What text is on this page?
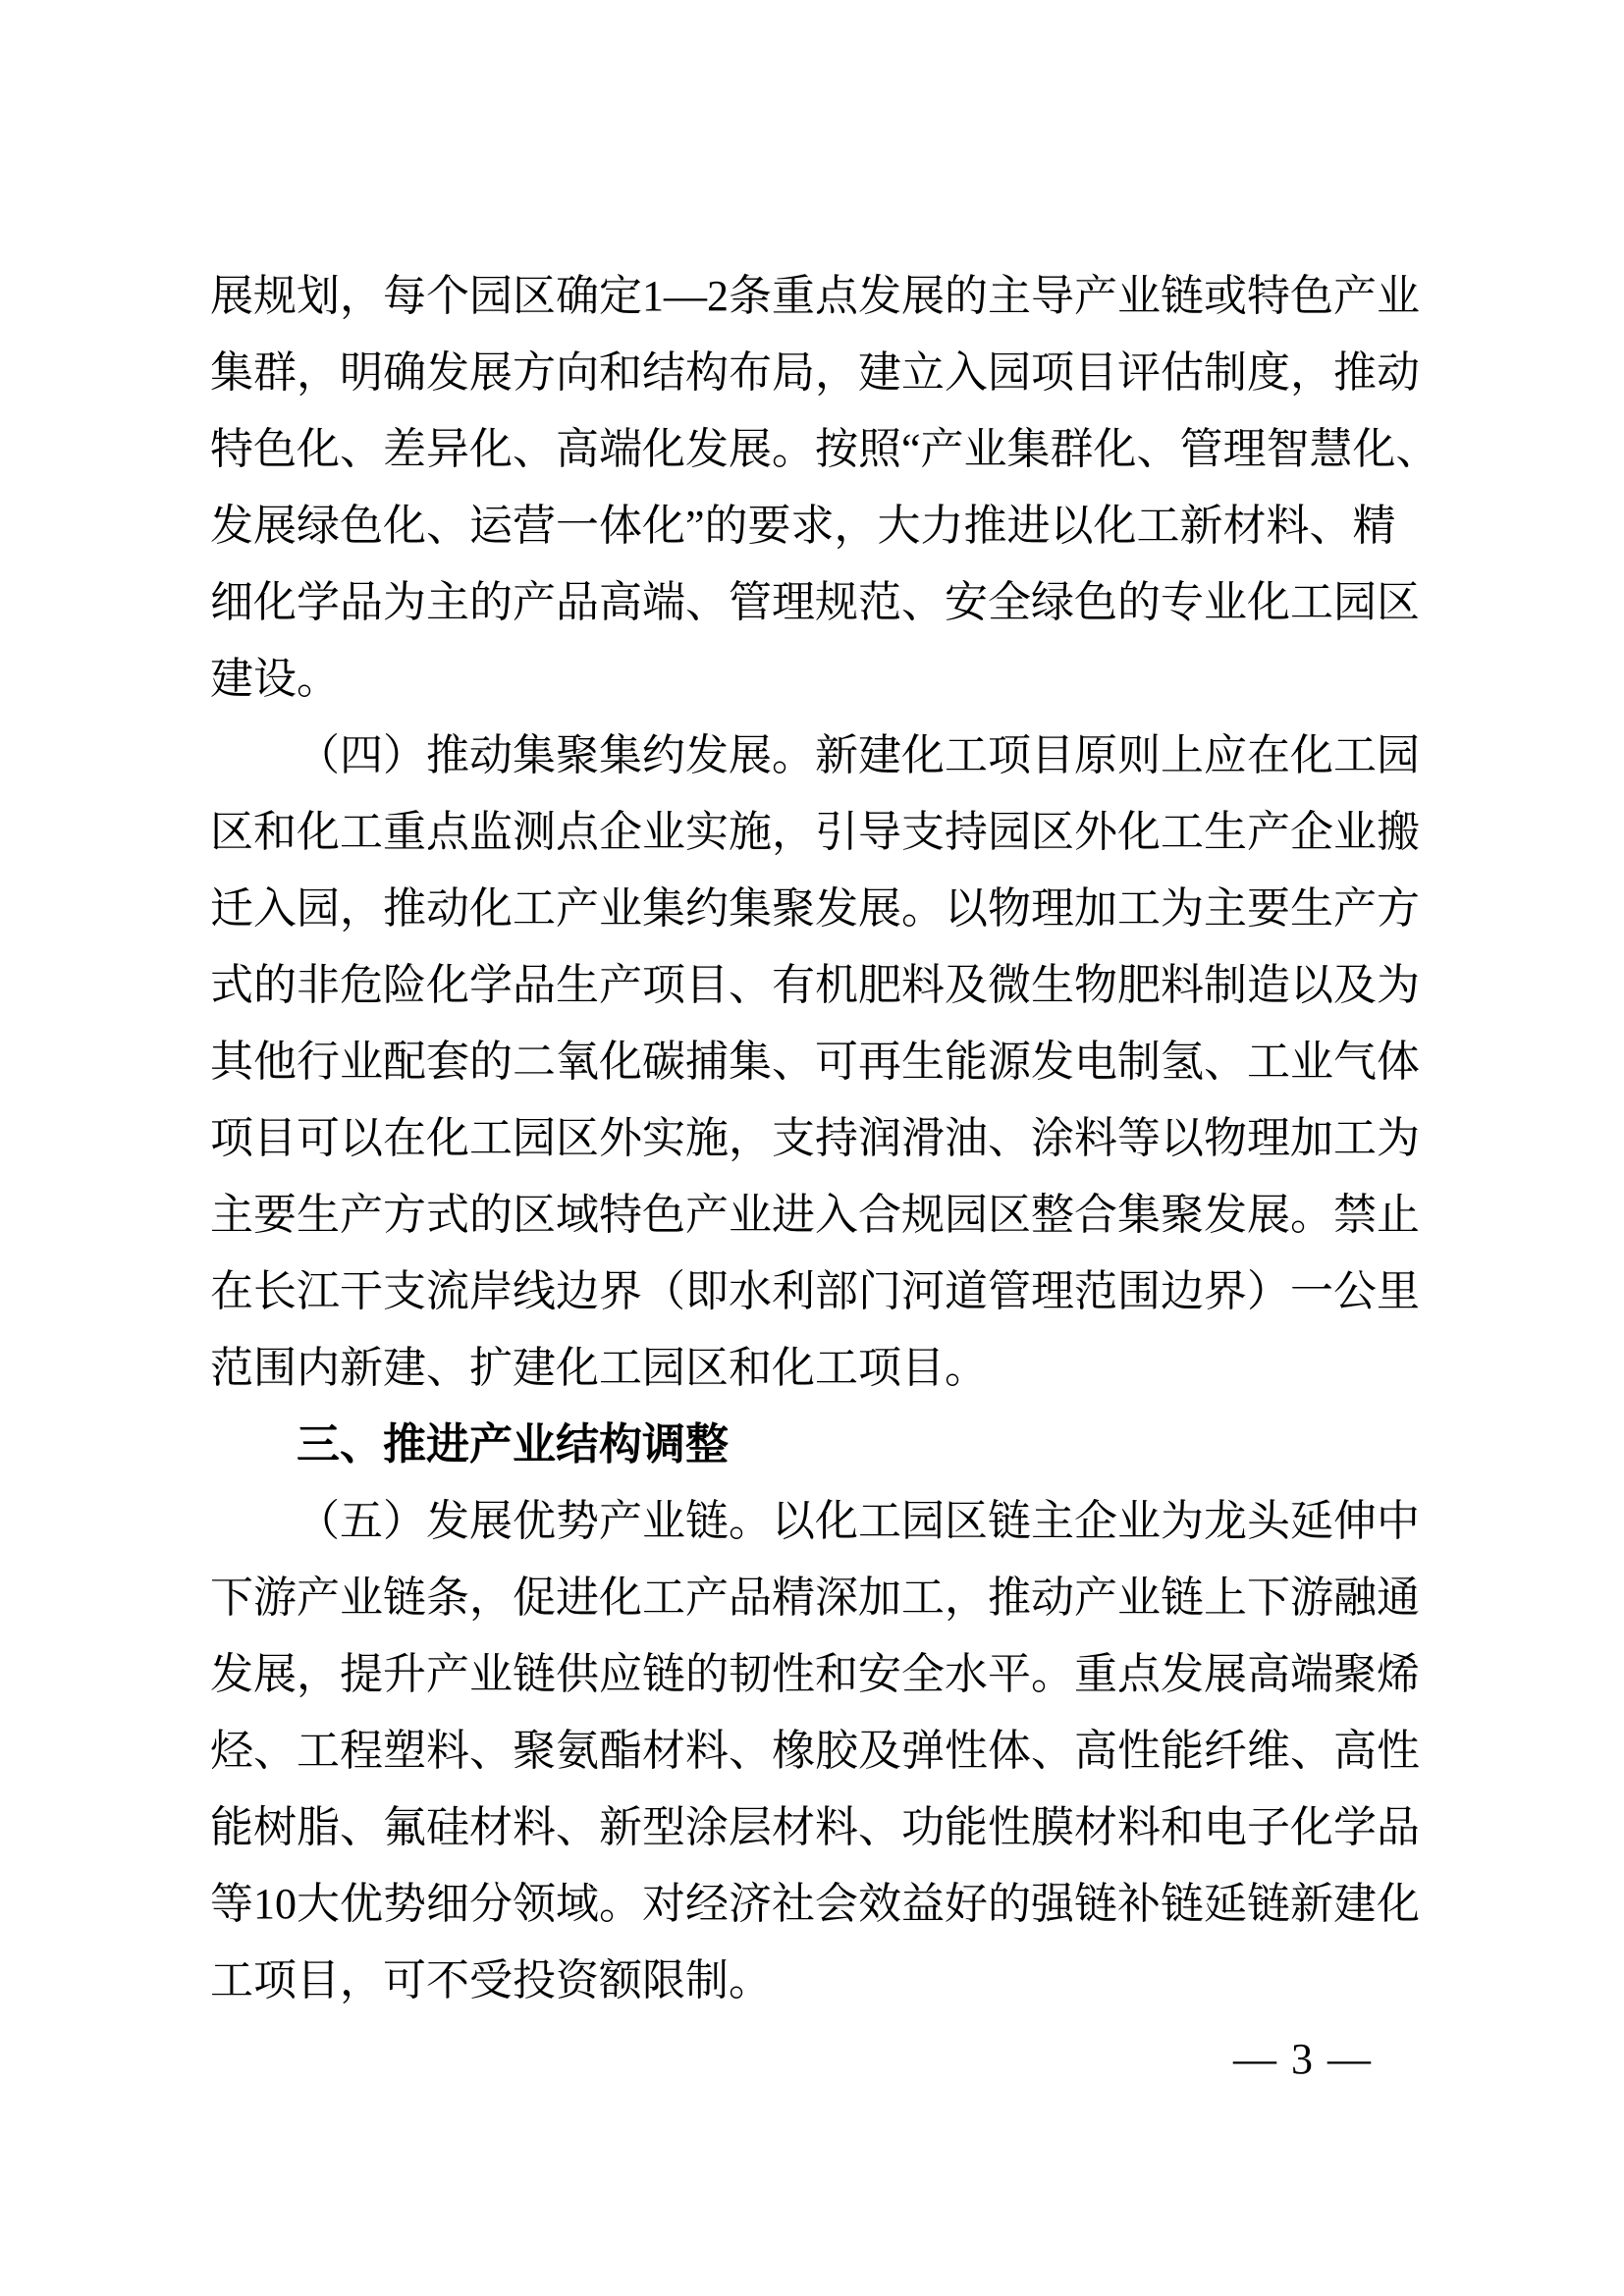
展规划，每个园区确定1—2条重点发展的主导产业链或特色产业
集群，明确发展方向和结构布局，建立入园项目评估制度，推动
特色化、差异化、高端化发展。按照“产业集群化、管理智慧化、
发展绿色化、运营一体化”的要求，大力推进以化工新材料、精
细化学品为主的产品高端、管理规范、安全绿色的专业化工园区
建设。
（四）推动集聚集约发展。新建化工项目原则上应在化工园
区和化工重点监测点企业实施，引导支持园区外化工生产企业搬
迁入园，推动化工产业集约集聚发展。以物理加工为主要生产方
式的非危险化学品生产项目、有机肥料及微生物肥料制造以及为
其他行业配套的二氧化碳捕集、可再生能源发电制氢、工业气体
项目可以在化工园区外实施，支持润滑油、涂料等以物理加工为
主要生产方式的区域特色产业进入合规园区整合集聚发展。禁止
在长江干支流岸线边界（即水利部门河道管理范围边界）一公里
范围内新建、扩建化工园区和化工项目。
三、推进产业结构调整
（五）发展优势产业链。以化工园区链主企业为龙头延伸中
下游产业链条，促进化工产品精深加工，推动产业链上下游融通
发展，提升产业链供应链的韧性和安全水平。重点发展高端聚烯
烃、工程塑料、聚氨酯材料、橡胶及弹性体、高性能纤维、高性
能树脂、氟硅材料、新型涂层材料、功能性膜材料和电子化学品
等10大优势细分领域。对经济社会效益好的强链补链延链新建化
工项目，可不受投资额限制。
— 3 —
